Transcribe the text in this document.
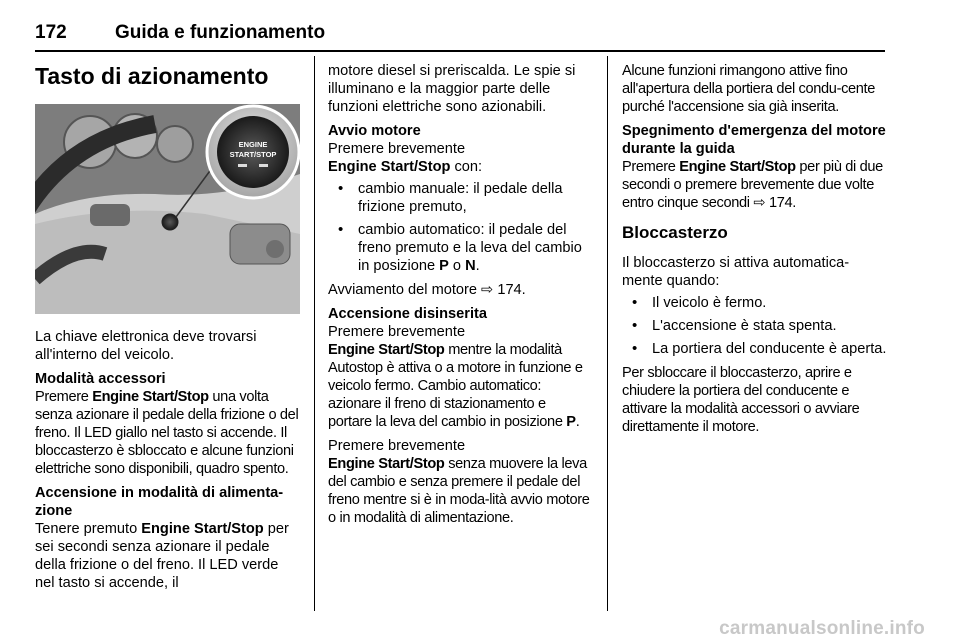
172	Guida e funzionamento
Tasto di azionamento
ENGINE
START/STOP

La chiave elettronica deve trovarsi all'interno del veicolo.

Modalità accessori

Premere Engine Start/Stop una volta senza azionare il pedale della frizione o del freno. Il LED giallo nel tasto si accende. Il bloccasterzo è sbloccato e alcune funzioni elettriche sono disponibili, quadro spento.

Accensione in modalità di alimenta-zione

Tenere premuto Engine Start/Stop per sei secondi senza azionare il pedale della frizione o del freno. Il LED verde nel tasto si accende, il

motore diesel si preriscalda. Le spie si illuminano e la maggior parte delle funzioni elettriche sono azionabili.

Avvio motore
Premere brevemente
Engine Start/Stop con:
• cambio manuale: il pedale della frizione premuto,
• cambio automatico: il pedale del freno premuto e la leva del cambio in posizione P o N.

Avviamento del motore ⇨ 174.

Accensione disinserita
Premere brevemente

Engine Start/Stop mentre la modalità Autostop è attiva o a motore in funzione e veicolo fermo. Cambio automatico: azionare il freno di stazionamento e portare la leva del cambio in posizione P.

Premere brevemente

Engine Start/Stop senza muovere la leva del cambio e senza premere il pedale del freno mentre si è in moda-lità avvio motore o in modalità di alimentazione.

Alcune funzioni rimangono attive fino all'apertura della portiera del condu-cente purché l'accensione sia già inserita.

Spegnimento d'emergenza del motore durante la guida

Premere Engine Start/Stop per più di due secondi o premere brevemente due volte entro cinque secondi ⇨ 174.

Bloccasterzo

Il bloccasterzo si attiva automatica-mente quando:

• Il veicolo è fermo.
• L'accensione è stata spenta.
• La portiera del conducente è aperta.

Per sbloccare il bloccasterzo, aprire e chiudere la portiera del conducente e attivare la modalità accessori o avviare direttamente il motore.

carmanualsonline.info
